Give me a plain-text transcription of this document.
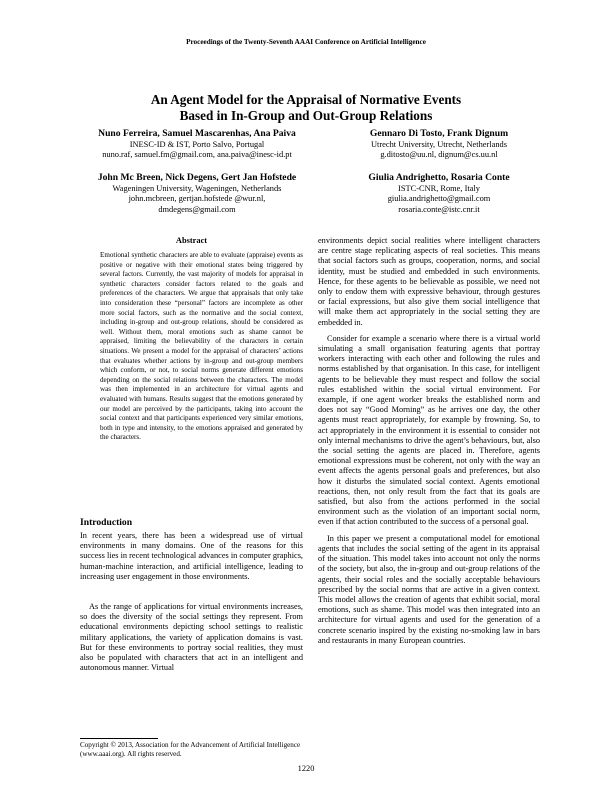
Proceedings of the Twenty-Seventh AAAI Conference on Artificial Intelligence
An Agent Model for the Appraisal of Normative Events
Based in In-Group and Out-Group Relations
Nuno Ferreira, Samuel Mascarenhas, Ana Paiva
INESC-ID & IST, Porto Salvo, Portugal
nuno.raf, samuel.fm@gmail.com, ana.paiva@inesc-id.pt
Gennaro Di Tosto, Frank Dignum
Utrecht University, Utrecht, Netherlands
g.ditosto@uu.nl, dignum@cs.uu.nl
John Mc Breen, Nick Degens, Gert Jan Hofstede
Wageningen University, Wageningen, Netherlands
john.mcbreen, gertjan.hofstede @wur.nl,
dmdegens@gmail.com
Giulia Andrighetto, Rosaria Conte
ISTC-CNR, Rome, Italy
giulia.andrighetto@gmail.com
rosaria.conte@istc.cnr.it
Abstract

Emotional synthetic characters are able to evaluate (appraise) events as positive or negative with their emotional states being triggered by several factors. Currently, the vast majority of models for appraisal in synthetic characters consider factors related to the goals and preferences of the characters. We argue that appraisals that only take into consideration these “personal” factors are incomplete as other more social factors, such as the normative and the social context, including in-group and out-group relations, should be considered as well. Without them, moral emotions such as shame cannot be appraised, limiting the believability of the characters in certain situations. We present a model for the appraisal of characters’ actions that evaluates whether actions by in-group and out-group members which conform, or not, to social norms generate different emotions depending on the social relations between the characters. The model was then implemented in an architecture for virtual agents and evaluated with humans. Results suggest that the emotions generated by our model are perceived by the participants, taking into account the social context and that participants experienced very similar emotions, both in type and intensity, to the emotions appraised and generated by the characters.

Introduction

In recent years, there has been a widespread use of virtual environments in many domains. One of the reasons for this success lies in recent technological advances in computer graphics, human-machine interaction, and artificial intelligence, leading to increasing user engagement in those environments.

As the range of applications for virtual environments increases, so does the diversity of the social settings they represent. From educational environments depicting school settings to realistic military applications, the variety of application domains is vast. But for these environments to portray social realities, they must also be populated with characters that act in an intelligent and autonomous manner. Virtual

environments depict social realities where intelligent characters are centre stage replicating aspects of real societies. This means that social factors such as groups, cooperation, norms, and social identity, must be studied and embedded in such environments. Hence, for these agents to be believable as possible, we need not only to endow them with expressive behaviour, through gestures or facial expressions, but also give them social intelligence that will make them act appropriately in the social setting they are embedded in.

Consider for example a scenario where there is a virtual world simulating a small organisation featuring agents that portray workers interacting with each other and following the rules and norms established by that organisation. In this case, for intelligent agents to be believable they must respect and follow the social rules established within the social virtual environment. For example, if one agent worker breaks the established norm and does not say “Good Morning” as he arrives one day, the other agents must react appropriately, for example by frowning. So, to act appropriately in the environment it is essential to consider not only internal mechanisms to drive the agent’s behaviours, but, also the social setting the agents are placed in. Therefore, agents emotional expressions must be coherent, not only with the way an event affects the agents personal goals and preferences, but also how it disturbs the simulated social context. Agents emotional reactions, then, not only result from the fact that its goals are satisfied, but also from the actions performed in the social environment such as the violation of an important social norm, even if that action contributed to the success of a personal goal.

In this paper we present a computational model for emotional agents that includes the social setting of the agent in its appraisal of the situation. This model takes into account not only the norms of the society, but also, the in-group and out-group relations of the agents, their social roles and the socially acceptable behaviours prescribed by the social norms that are active in a given context. This model allows the creation of agents that exhibit social, moral emotions, such as shame. This model was then integrated into an architecture for virtual agents and used for the generation of a concrete scenario inspired by the existing no-smoking law in bars and restaurants in many European countries.

Copyright © 2013, Association for the Advancement of Artificial Intelligence (www.aaai.org). All rights reserved.
1220
